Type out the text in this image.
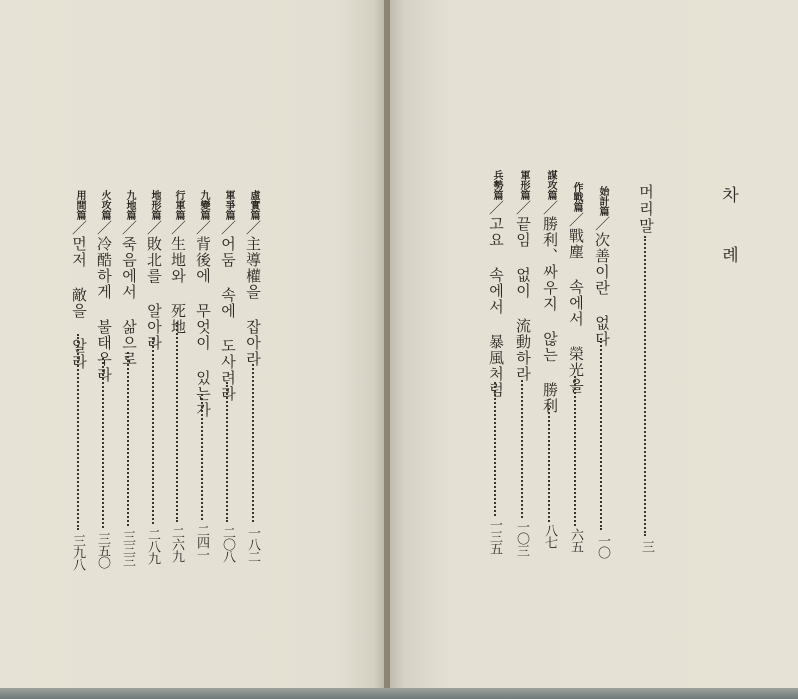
차

례
머리말
三
始計篇／次善이란 없다
一〇
作戰篇／戰塵 속에서 榮光을
六五
謀攻篇／勝利、싸우지 않는 勝利
八七
軍形篇／끝임 없이 流動하라
一〇三
兵勢篇／고요 속에서 暴風처럼
一三五
虛實篇／主導權을 잡아라
一八二
軍爭篇／어둠 속에 도사려라
二〇八
九變篇／背後에 무엇이 있는가
二四一
行軍篇／生地와 死地
二六九
地形篇／敗北를 알아라
二八九
九地篇／죽음에서 삶으로
三三三
火攻篇／冷酷하게 불태우라
三五〇
用間篇／먼저 敵을 알라
三九八
